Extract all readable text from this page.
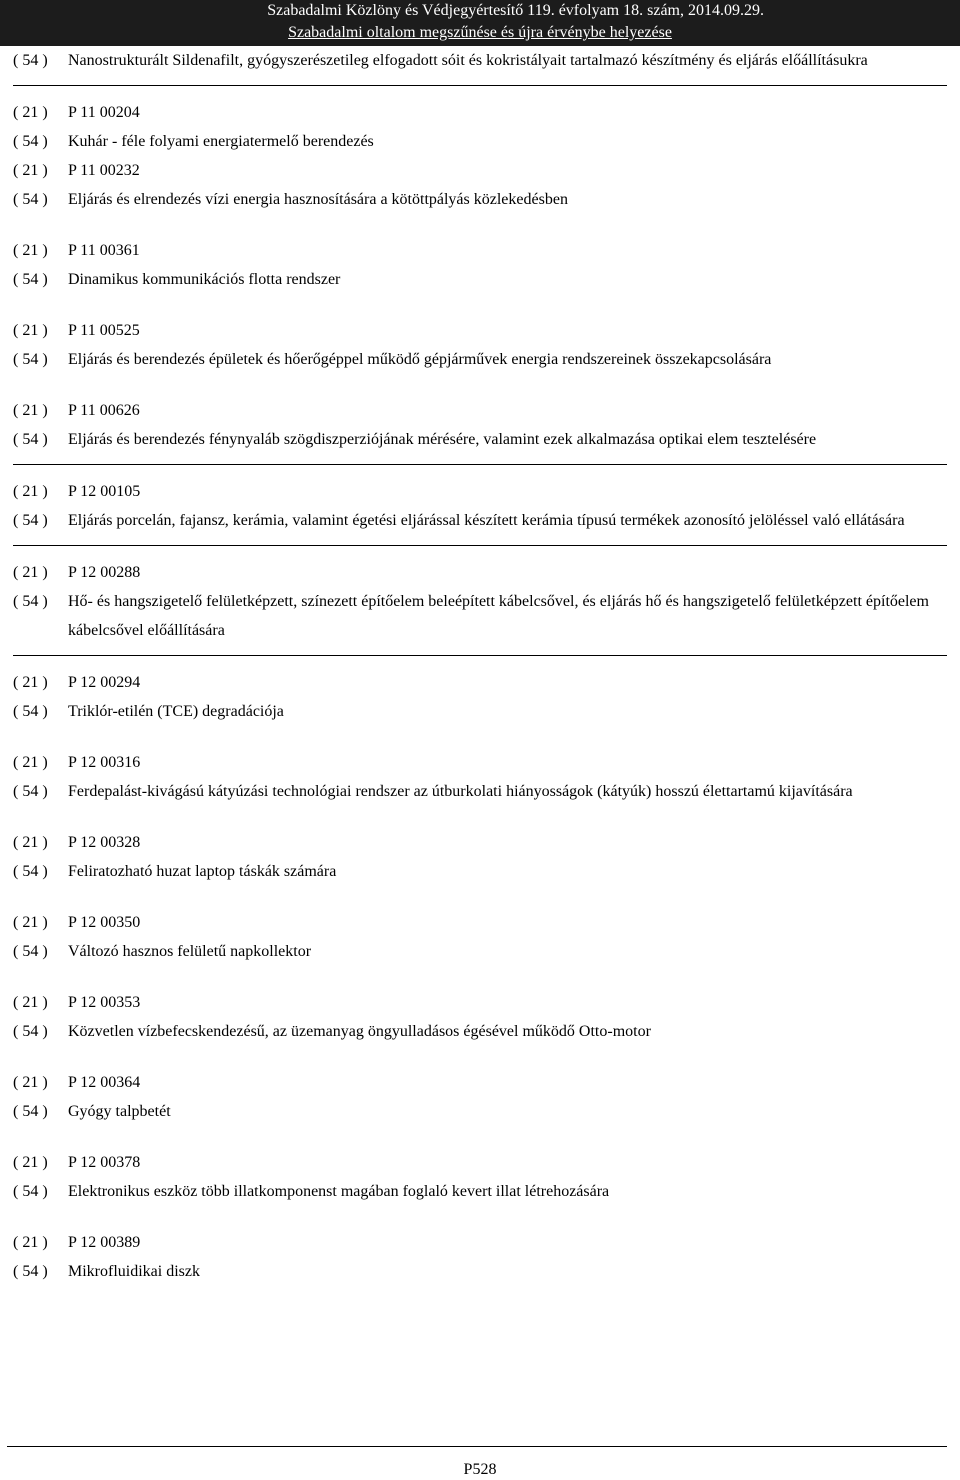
Szabadalmi Közlöny és Védjegyértesítő 119. évfolyam 18. szám, 2014.09.29.
Szabadalmi oltalom megszűnése és újra érvénybe helyezése
( 54 )	Nanostrukturált Sildenafilt, gyógyszerészetileg elfogadott sóit és kokristályait tartalmazó készítmény és eljárás előállításukra
( 21 )	P 11 00204
( 54 )	Kuhár - féle folyami energiatermelő berendezés
( 21 )	P 11 00232
( 54 )	Eljárás és elrendezés vízi energia hasznosítására a kötöttpályás közlekedésben
( 21 )	P 11 00361
( 54 )	Dinamikus kommunikációs flotta rendszer
( 21 )	P 11 00525
( 54 )	Eljárás és berendezés épületek és hőerőgéppel működő gépjárművek energia rendszereinek összekapcsolására
( 21 )	P 11 00626
( 54 )	Eljárás és berendezés fénynyaláb szögdiszperziójának mérésére, valamint ezek alkalmazása optikai elem tesztelésére
( 21 )	P 12 00105
( 54 )	Eljárás porcelán, fajansz, kerámia, valamint égetési eljárással készített kerámia típusú termékek azonosító jelöléssel való ellátására
( 21 )	P 12 00288
( 54 )	Hő- és hangszigetelő felületképzett, színezett építőelem beleépített kábelcsővel, és eljárás hő és hangszigetelő felületképzett építőelem kábelcsővel előállítására
( 21 )	P 12 00294
( 54 )	Triklór-etilén (TCE) degradációja
( 21 )	P 12 00316
( 54 )	Ferdepalást-kivágású kátyúzási technológiai rendszer az útburkolati hiányosságok (kátyúk) hosszú élettartamú kijavítására
( 21 )	P 12 00328
( 54 )	Feliratozható huzat laptop táskák számára
( 21 )	P 12 00350
( 54 )	Változó hasznos felületű napkollektor
( 21 )	P 12 00353
( 54 )	Közvetlen vízbefecskendezésű, az üzemanyag öngyulladásos égésével működő Otto-motor
( 21 )	P 12 00364
( 54 )	Gyógy talpbetét
( 21 )	P 12 00378
( 54 )	Elektronikus eszköz több illatkomponenst magában foglaló kevert illat létrehozására
( 21 )	P 12 00389
( 54 )	Mikrofluidikai diszk
P528
